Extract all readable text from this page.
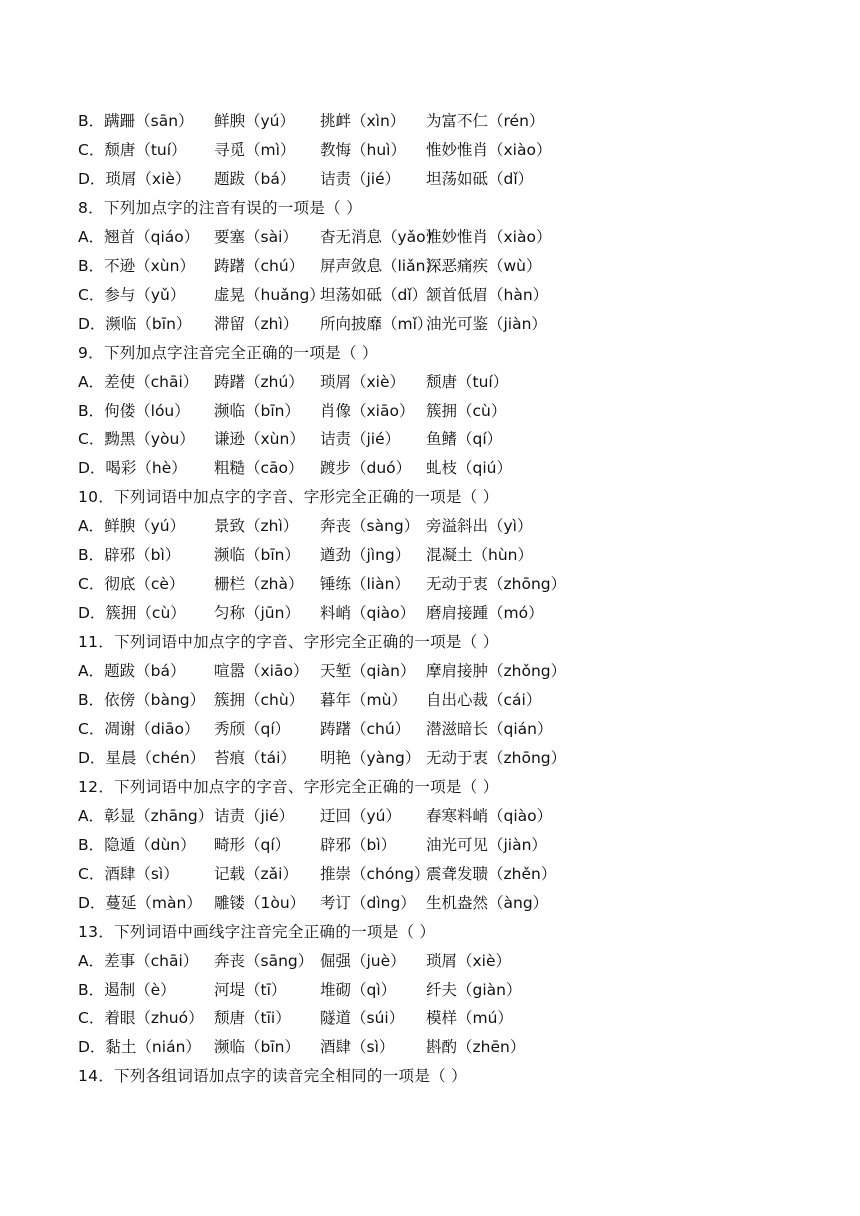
B．蹒跚（sān） 鲜腴（yú） 挑衅（xìn） 为富不仁（rén）
C．颓唐（tuí） 寻觅（mì） 教悔（huì） 惟妙惟肖（xiào）
D．琐屑（xiè） 题跋（bá） 诘责（jié） 坦荡如砥（dǐ）
8．下列加点字的注音有误的一项是（ ）
A．翘首（qiáo） 要塞（sài） 杳无消息（yǎo）
惟妙惟肖（xiào）
B．不逊（xùn） 踌躇（chú） 屏声敛息（liǎn）
深恶痛疾（wù）
C．参与（yǔ） 虚晃（huǎng）
坦荡如砥（dǐ）
颔首低眉（hàn）
D．濒临（bīn） 滞留（zhì） 所向披靡（mǐ）
油光可鉴（jiàn）
9．下列加点字注音完全正确的一项是（ ）
A．差使（chāi） 踌躇（zhú） 琐屑（xiè） 颓唐（tuí）
B．佝偻（lóu） 濒临（bīn） 肖像（xiāo） 簇拥（cù）
C．黝黑（yòu） 谦逊（xùn） 诘责（jié） 鱼鳍（qí）
D．喝彩（hè） 粗糙（cāo） 踱步（duó） 虬枝（qiú）
10．下列词语中加点字的字音、字形完全正确的一项是（ ）
A．鲜腴（yú） 景致（zhì） 奔丧（sàng） 旁溢斜出（yì）
B．辟邪（bì） 濒临（bīn） 遒劲（jìng） 混凝土（hùn）
C．彻底（cè） 栅栏（zhà） 锤练（liàn） 无动于衷（zhōng）
D．簇拥（cù） 匀称（jūn） 料峭（qiào） 磨肩接踵（mó）
11．下列词语中加点字的字音、字形完全正确的一项是（ ）
A．题跋（bá） 喧嚣（xiāo） 天堑（qiàn） 摩肩接肿（zhǒng）
B．依傍（bàng） 簇拥（chù） 暮年（mù） 自出心裁（cái）
C．凋谢（diāo） 秀颀（qí） 踌躇（chú） 潜滋暗长（qián）
D．星晨（chén） 苔痕（tái） 明艳（yàng） 无动于衷（zhōng）
12．下列词语中加点字的字音、字形完全正确的一项是（ ）
A．彰显（zhāng） 诘责（jié） 迂回（yú） 春寒料峭（qiào）
B．隐遁（dùn） 畸形（qí） 辟邪（bì） 油光可见（jiàn）
C．酒肆（sì） 记载（zǎi） 推崇（chóng）
震聋发聩（zhěn）
D．蔓延（màn） 雕镂（1òu） 考订（dìng） 生机盎然（àng）
13．下列词语中画线字注音完全正确的一项是（ ）
A．差事（chāi） 奔丧（sāng） 倔强（juè） 琐屑（xiè）
B．遏制（è） 河堤（tī） 堆砌（qì） 纤夫（giàn）
C．着眼（zhuó） 颓唐（tīi） 隧道（súi） 模样（mú）
D．黏土（nián） 濒临（bīn） 酒肆（sì） 斟酌（zhēn）
14．下列各组词语加点字的读音完全相同的一项是（ ）
